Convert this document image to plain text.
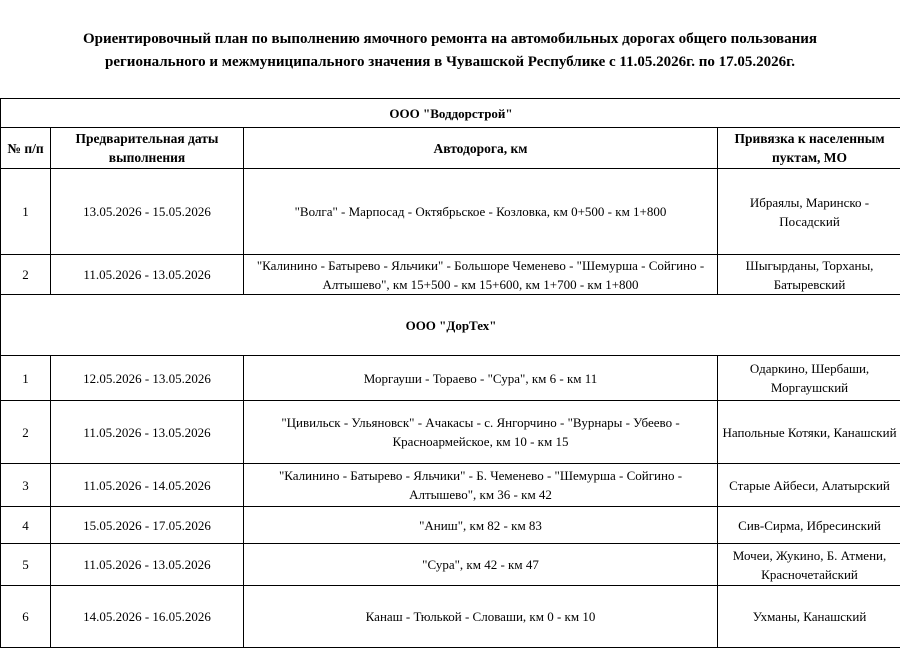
Ориентировочный план по выполнению ямочного ремонта на автомобильных дорогах общего пользования
регионального и межмуниципального значения в Чувашской Республике с 11.05.2026г. по 17.05.2026г.
ООО "Воддорстрой"			
№ п/п	Предварительная даты выполнения	Автодорога, км	Привязка к населенным пуктам, МО
1	13.05.2026 - 15.05.2026	"Волга" - Марпосад - Октябрьское - Козловка, км 0+500 - км 1+800	Ибраялы, Маринско - Посадский
2	11.05.2026 - 13.05.2026	"Калинино - Батырево - Яльчики" - Большоре Чеменево - "Шемурша - Сойгино - Алтышево", км 15+500 - км 15+600, км 1+700 - км 1+800	Шыгырданы, Торханы, Батыревский
ООО "ДорТех"			
1	12.05.2026 - 13.05.2026	Моргауши - Тораево - "Сура", км 6 - км 11	Одаркино, Шербаши, Моргаушский
2	11.05.2026 - 13.05.2026	"Цивильск - Ульяновск" - Ачакасы - с. Янгорчино - "Вурнары - Убеево - Красноармейское, км 10 - км 15	Напольные Котяки, Канашский
3	11.05.2026 - 14.05.2026	"Калинино - Батырево - Яльчики" - Б. Чеменево - "Шемурша - Сойгино - Алтышево", км 36 - км 42	Старые Айбеси, Алатырский
4	15.05.2026 - 17.05.2026	"Аниш", км 82 - км 83	Сив-Сирма, Ибресинский
5	11.05.2026 - 13.05.2026	"Сура", км 42 - км 47	Мочеи, Жукино, Б. Атмени, Красночетайский
6	14.05.2026 - 16.05.2026	Канаш - Тюлькой - Словаши, км 0 - км 10	Ухманы, Канашский
